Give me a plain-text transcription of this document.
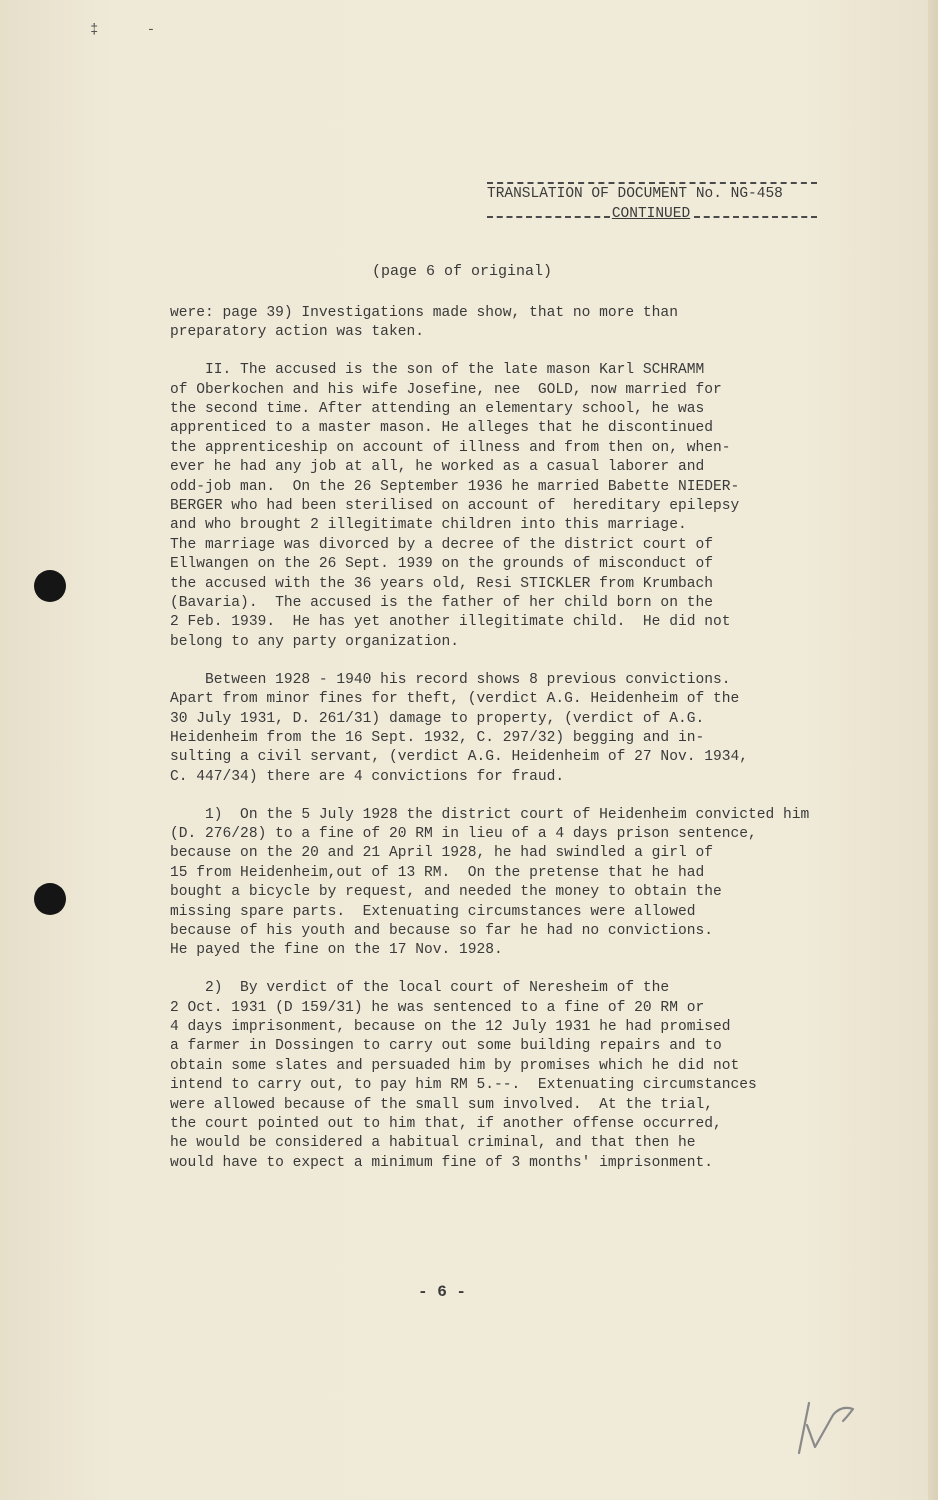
‡ -
TRANSLATION OF DOCUMENT No. NG-458
CONTINUED
(page 6 of original)
were: page 39) Investigations made show, that no more than
preparatory action was taken.
II. The accused is the son of the late mason Karl SCHRAMM
of Oberkochen and his wife Josefine, nee  GOLD, now married for
the second time. After attending an elementary school, he was
apprenticed to a master mason. He alleges that he discontinued
the apprenticeship on account of illness and from then on, when-
ever he had any job at all, he worked as a casual laborer and
odd-job man.  On the 26 September 1936 he married Babette NIEDER-
BERGER who had been sterilised on account of  hereditary epilepsy
and who brought 2 illegitimate children into this marriage.
The marriage was divorced by a decree of the district court of
Ellwangen on the 26 Sept. 1939 on the grounds of misconduct of
the accused with the 36 years old, Resi STICKLER from Krumbach
(Bavaria).  The accused is the father of her child born on the
2 Feb. 1939.  He has yet another illegitimate child.  He did not
belong to any party organization.
Between 1928 - 1940 his record shows 8 previous convictions.
Apart from minor fines for theft, (verdict A.G. Heidenheim of the
30 July 1931, D. 261/31) damage to property, (verdict of A.G.
Heidenheim from the 16 Sept. 1932, C. 297/32) begging and in-
sulting a civil servant, (verdict A.G. Heidenheim of 27 Nov. 1934,
C. 447/34) there are 4 convictions for fraud.
1)  On the 5 July 1928 the district court of Heidenheim convicted him
(D. 276/28) to a fine of 20 RM in lieu of a 4 days prison sentence,
because on the 20 and 21 April 1928, he had swindled a girl of
15 from Heidenheim,out of 13 RM.  On the pretense that he had
bought a bicycle by request, and needed the money to obtain the
missing spare parts.  Extenuating circumstances were allowed
because of his youth and because so far he had no convictions.
He payed the fine on the 17 Nov. 1928.
2)  By verdict of the local court of Neresheim of the
2 Oct. 1931 (D 159/31) he was sentenced to a fine of 20 RM or
4 days imprisonment, because on the 12 July 1931 he had promised
a farmer in Dossingen to carry out some building repairs and to
obtain some slates and persuaded him by promises which he did not
intend to carry out, to pay him RM 5.--.  Extenuating circumstances
were allowed because of the small sum involved.  At the trial,
the court pointed out to him that, if another offense occurred,
he would be considered a habitual criminal, and that then he
would have to expect a minimum fine of 3 months' imprisonment.
- 6 -
